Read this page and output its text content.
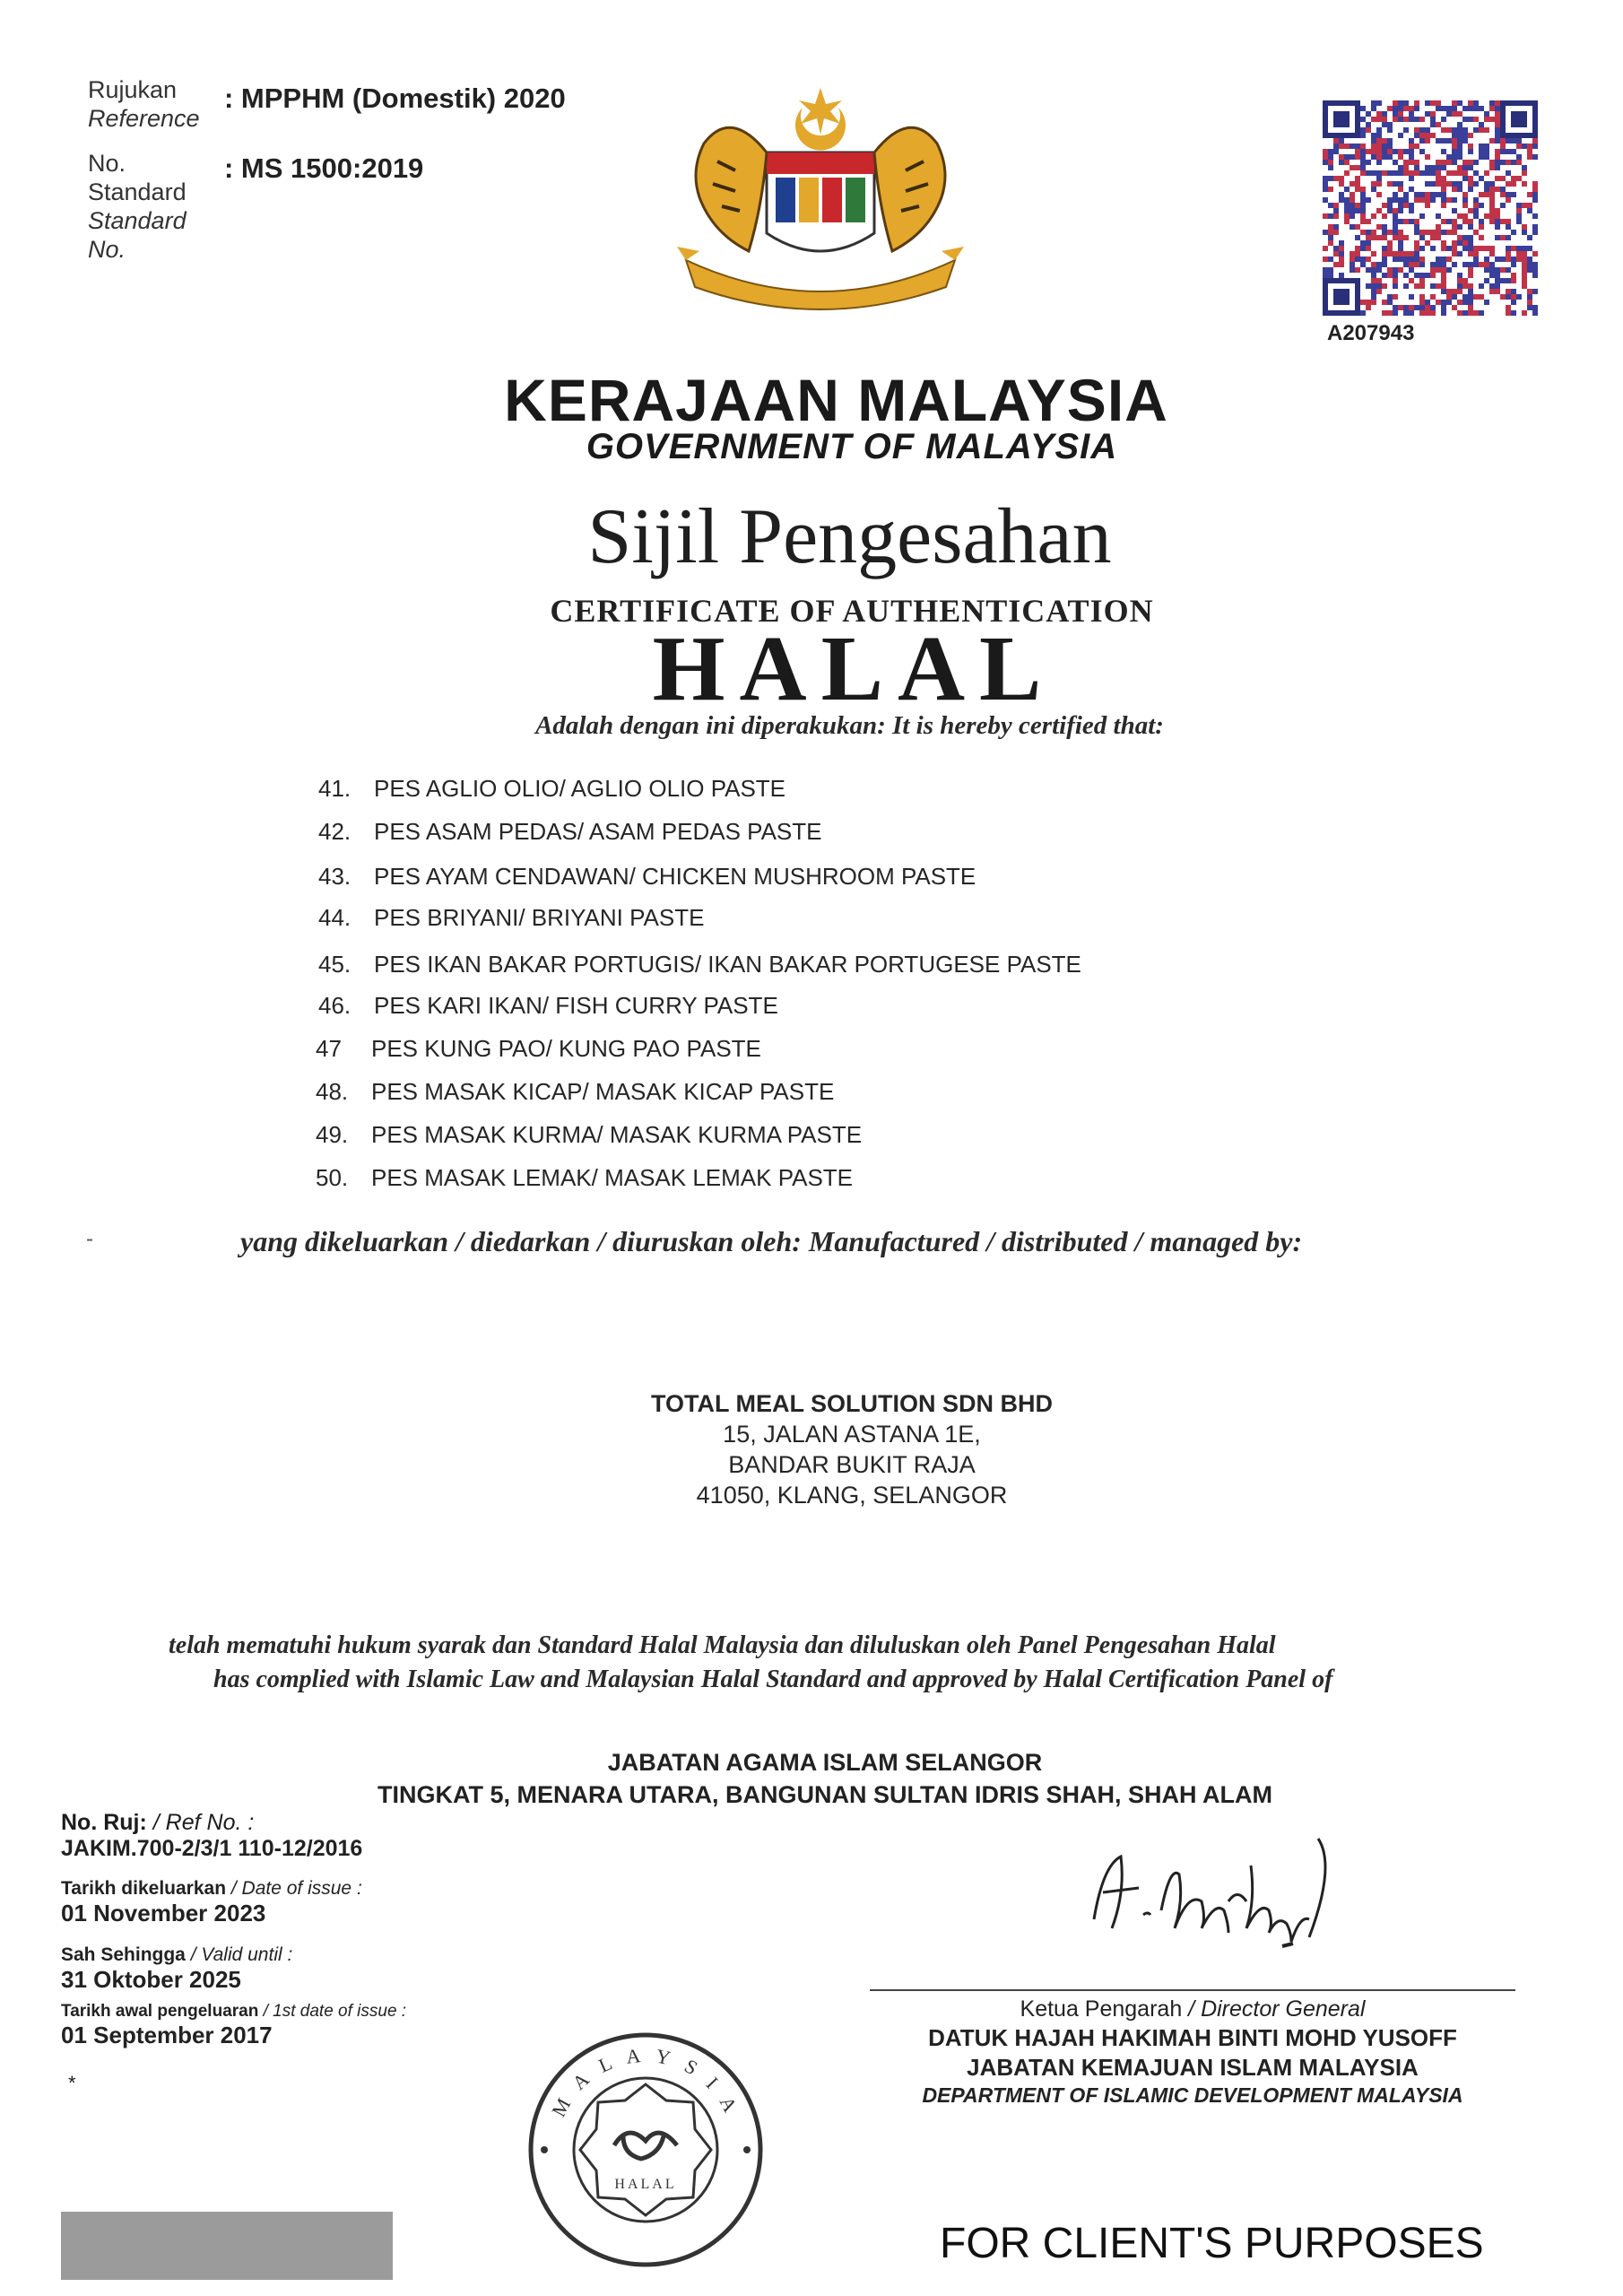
Rujukan
Reference
: MPPHM (Domestik) 2020
No. Standard
Standard No.
: MS 1500:2019
A207943
KERAJAAN MALAYSIA
GOVERNMENT OF MALAYSIA
Sijil Pengesahan
CERTIFICATE OF AUTHENTICATION
HALAL
Adalah dengan ini diperakukan: It is hereby certified that:
41. PES AGLIO OLIO/ AGLIO OLIO PASTE
42. PES ASAM PEDAS/ ASAM PEDAS PASTE
43. PES AYAM CENDAWAN/ CHICKEN MUSHROOM PASTE
44. PES BRIYANI/ BRIYANI PASTE
45. PES IKAN BAKAR PORTUGIS/ IKAN BAKAR PORTUGESE PASTE
46. PES KARI IKAN/ FISH CURRY PASTE
47 PES KUNG PAO/ KUNG PAO PASTE
48. PES MASAK KICAP/ MASAK KICAP PASTE
49. PES MASAK KURMA/ MASAK KURMA PASTE
50. PES MASAK LEMAK/ MASAK LEMAK PASTE
-	yang dikeluarkan / diedarkan / diuruskan oleh: Manufactured / distributed / managed by:
TOTAL MEAL SOLUTION SDN BHD
15, JALAN ASTANA 1E,
BANDAR BUKIT RAJA
41050, KLANG, SELANGOR
telah mematuhi hukum syarak dan Standard Halal Malaysia dan diluluskan oleh Panel Pengesahan Halal
has complied with Islamic Law and Malaysian Halal Standard and approved by Halal Certification Panel of
JABATAN AGAMA ISLAM SELANGOR
TINGKAT 5, MENARA UTARA, BANGUNAN SULTAN IDRIS SHAH, SHAH ALAM
No. Ruj: / Ref No. :
JAKIM.700-2/3/1 110-12/2016
Tarikh dikeluarkan / Date of issue :
01 November 2023
Sah Sehingga / Valid until :
31 Oktober 2025
Tarikh awal pengeluaran / 1st date of issue :
01 September 2017
*
Ketua Pengarah / Director General
DATUK HAJAH HAKIMAH BINTI MOHD YUSOFF
JABATAN KEMAJUAN ISLAM MALAYSIA
DEPARTMENT OF ISLAMIC DEVELOPMENT MALAYSIA
M A L A Y S I A
HALAL
FOR CLIENT'S PURPOSES
